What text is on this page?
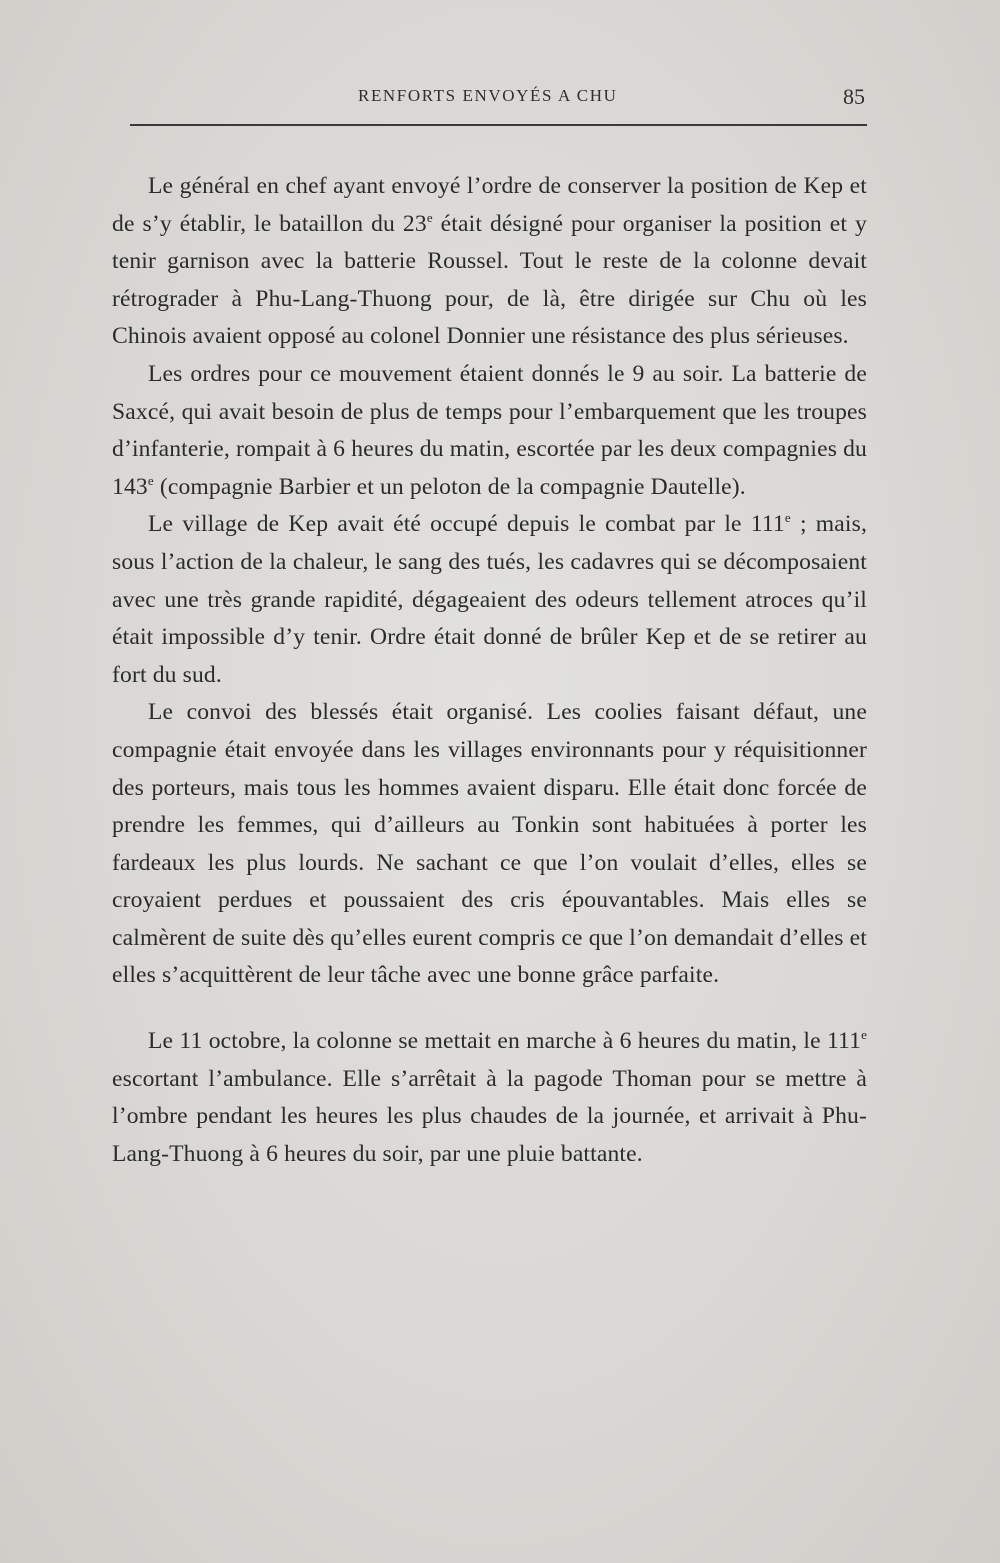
RENFORTS ENVOYÉS A CHU	85

Le général en chef ayant envoyé l’ordre de conserver la position de Kep et de s’y établir, le bataillon du 23e était désigné pour organiser la position et y tenir garnison avec la batterie Roussel. Tout le reste de la colonne devait rétrograder à Phu-Lang-Thuong pour, de là, être dirigée sur Chu où les Chinois avaient opposé au colonel Donnier une résistance des plus sérieuses.

Les ordres pour ce mouvement étaient donnés le 9 au soir. La batterie de Saxcé, qui avait besoin de plus de temps pour l’embarquement que les troupes d’infanterie, rompait à 6 heures du matin, escortée par les deux compagnies du 143e (compagnie Barbier et un peloton de la compagnie Dautelle).

Le village de Kep avait été occupé depuis le combat par le 111e ; mais, sous l’action de la chaleur, le sang des tués, les cadavres qui se décomposaient avec une très grande rapidité, dégageaient des odeurs tellement atroces qu’il était impossible d’y tenir. Ordre était donné de brûler Kep et de se retirer au fort du sud.

Le convoi des blessés était organisé. Les coolies faisant défaut, une compagnie était envoyée dans les villages environnants pour y réquisitionner des porteurs, mais tous les hommes avaient disparu. Elle était donc forcée de prendre les femmes, qui d’ailleurs au Tonkin sont habituées à porter les fardeaux les plus lourds. Ne sachant ce que l’on voulait d’elles, elles se croyaient perdues et poussaient des cris épouvantables. Mais elles se calmèrent de suite dès qu’elles eurent compris ce que l’on demandait d’elles et elles s’acquittèrent de leur tâche avec une bonne grâce parfaite.

Le 11 octobre, la colonne se mettait en marche à 6 heures du matin, le 111e escortant l’ambulance. Elle s’arrêtait à la pagode Thoman pour se mettre à l’ombre pendant les heures les plus chaudes de la journée, et arrivait à Phu-Lang-Thuong à 6 heures du soir, par une pluie battante.
